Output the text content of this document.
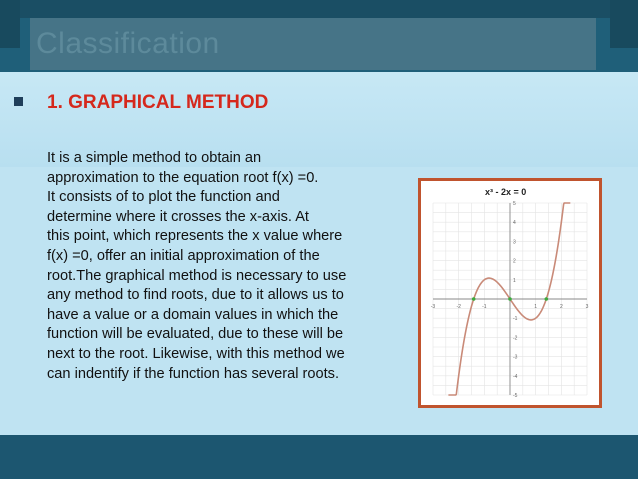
Classification
1. GRAPHICAL METHOD

It is a simple method to obtain an
approximation to the equation root f(x) =0.
It consists of to plot the function and
determine where it crosses the x-axis. At
this point, which represents the x value where
f(x) =0, offer an initial approximation of the
root.The graphical method is necessary to use
any method to find roots, due to it allows us to
have a value or a domain values in which the
function will be evaluated, due to these will be
next to the root. Likewise, with this method we
can indentify if the function has several roots.

x³ - 2x = 0
-3	-2	-1	1	2	3
5
4
3
2
1
-1
-2
-3
-4
-5
